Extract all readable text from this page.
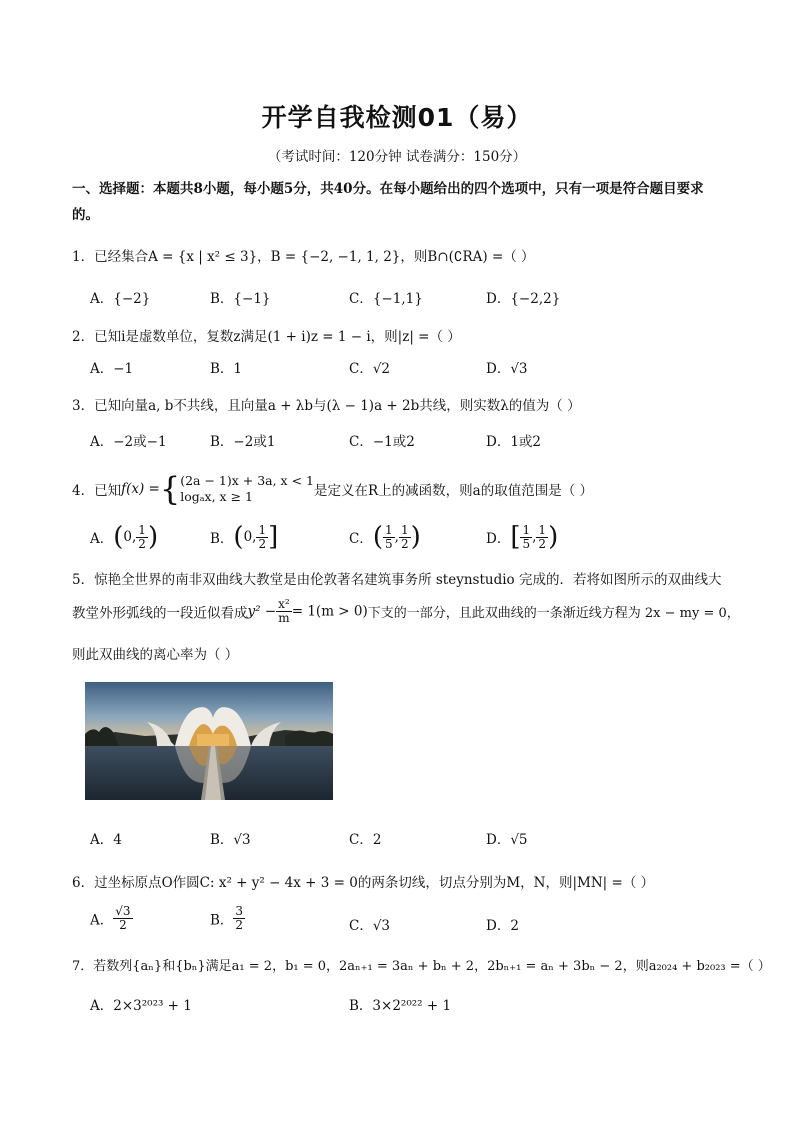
开学自我检测01（易）
（考试时间：120分钟 试卷满分：150分）
一、选择题：本题共8小题，每小题5分，共40分。在每小题给出的四个选项中，只有一项是符合题目要求的。
1．已经集合A = {x | x² ≤ 3}，B = {−2, −1, 1, 2}，则B∩(∁RA) =（ ）
A．{−2}	B．{−1}	C．{−1,1}	D．{−2,2}
2．已知i是虚数单位，复数z满足(1 + i)z = 1 − i，则|z| =（ ）
A．−1	B．1	C．√2	D．√3
3．已知向量a, b不共线，且向量a + λb与(λ − 1)a + 2b共线，则实数λ的值为（ ）
A．−2或−1	B．−2或1	C．−1或2	D．1或2
4．已知f(x) ={ (2a − 1)x + 3a, x < 1
logₐx, x ≥ 1	是定义在R上的减函数，则a的取值范围是（ ）
A．(0, $\frac{1}{2}$ )	B．(0, $\frac{1}{2}$ ]	C．( $\frac{1}{5}$ , $\frac{1}{2}$ )	D．[ $\frac{1}{5}$ , $\frac{1}{2}$ )
5．惊艳全世界的南非双曲线大教堂是由伦敦著名建筑事务所 steynstudio 完成的．若将如图所示的双曲线大
教堂外形弧线的一段近似看成$y^2 - \frac{\text{x²}}{m} = 1(m > 0)$下支的一部分，且此双曲线的一条渐近线方程为 2x − my = 0，
则此双曲线的离心率为（ ）
A．4	B．√3	C．2	D．√5
6．过坐标原点O作圆C: x² + y² − 4x + 3 = 0的两条切线，切点分别为M，N，则|MN| =（ ）
A． $\frac{√3}{2}$	B． $\frac{3}{2}$	C．√3	D．2
7．若数列{aₙ}和{bₙ}满足a₁ = 2，b₁ = 0，2aₙ₊₁ = 3aₙ + bₙ + 2，2bₙ₊₁ = aₙ + 3bₙ − 2，则a₂₀₂₄ + b₂₀₂₃ =（ ）
A．2×3²⁰²³ + 1	B．3×2²⁰²² + 1
